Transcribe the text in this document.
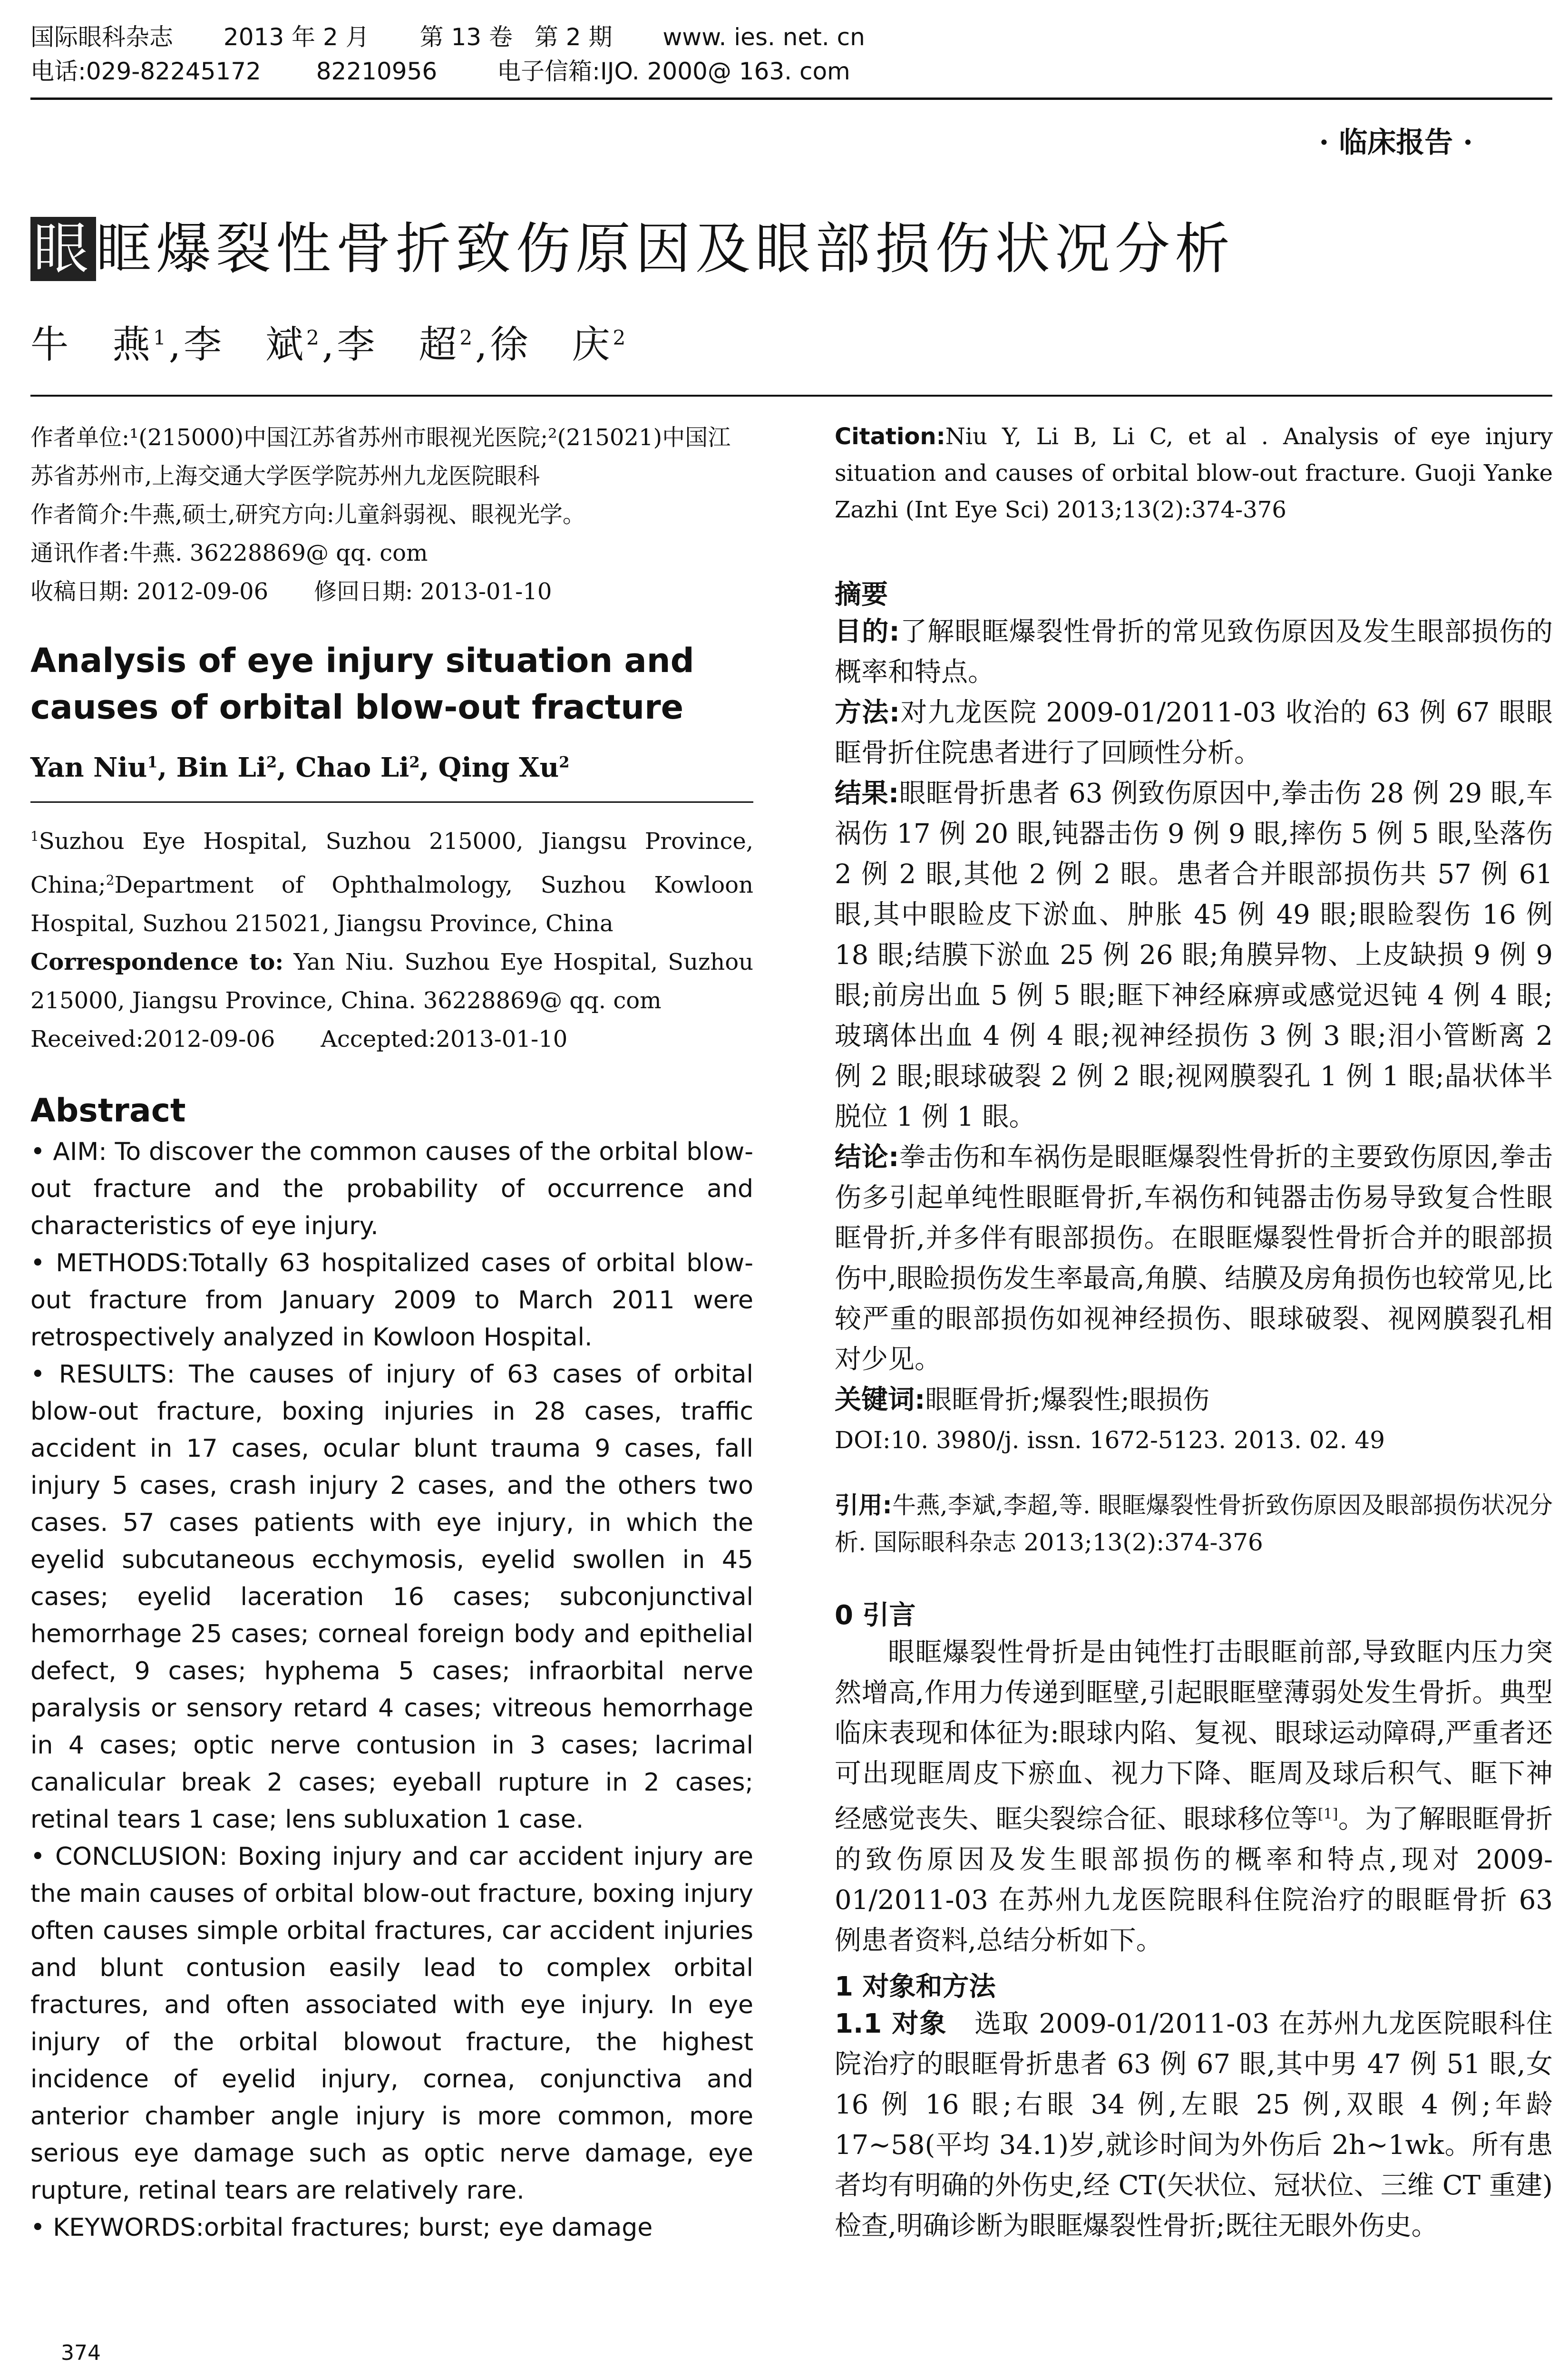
国际眼科杂志 2013 年 2 月 第 13 卷 第 2 期 www. ies. net. cn
电话:029-82245172 82210956	电子信箱:IJO. 2000@ 163. com
· 临床报告 ·
眼眶爆裂性骨折致伤原因及眼部损伤状况分析
牛　燕$^1$,李　斌$^2$,李　超$^2$,徐　庆$^2$

作者单位:¹(215000)中国江苏省苏州市眼视光医院;²(215021)中国江苏省苏州市,上海交通大学医学院苏州九龙医院眼科

作者简介:牛燕,硕士,研究方向:儿童斜弱视、眼视光学。

通讯作者:牛燕. 36228869@ qq. com

收稿日期: 2012-09-06　　修回日期: 2013-01-10

Analysis of eye injury situation and causes of orbital blow-out fracture
Yan Niu$^1$, Bin Li$^2$, Chao Li$^2$, Qing Xu$^2$
$^1$Suzhou Eye Hospital, Suzhou 215000, Jiangsu Province, China;$^2$Department of Ophthalmology, Suzhou Kowloon Hospital, Suzhou 215021, Jiangsu Province, China
Correspondence to: Yan Niu. Suzhou Eye Hospital, Suzhou 215000, Jiangsu Province, China. 36228869@ qq. com
Received:2012-09-06　　Accepted:2013-01-10
Abstract

• AIM: To discover the common causes of the orbital blow-out fracture and the probability of occurrence and characteristics of eye injury.

• METHODS:Totally 63 hospitalized cases of orbital blow-out fracture from January 2009 to March 2011 were retrospectively analyzed in Kowloon Hospital.

• RESULTS: The causes of injury of 63 cases of orbital blow-out fracture, boxing injuries in 28 cases, traffic accident in 17 cases, ocular blunt trauma 9 cases, fall injury 5 cases, crash injury 2 cases, and the others two cases. 57 cases patients with eye injury, in which the eyelid subcutaneous ecchymosis, eyelid swollen in 45 cases; eyelid laceration 16 cases; subconjunctival hemorrhage 25 cases; corneal foreign body and epithelial defect, 9 cases; hyphema 5 cases; infraorbital nerve paralysis or sensory retard 4 cases; vitreous hemorrhage in 4 cases; optic nerve contusion in 3 cases; lacrimal canalicular break 2 cases; eyeball rupture in 2 cases; retinal tears 1 case; lens subluxation 1 case.

• CONCLUSION: Boxing injury and car accident injury are the main causes of orbital blow-out fracture, boxing injury often causes simple orbital fractures, car accident injuries and blunt contusion easily lead to complex orbital fractures, and often associated with eye injury. In eye injury of the orbital blowout fracture, the highest incidence of eyelid injury, cornea, conjunctiva and anterior chamber angle injury is more common, more serious eye damage such as optic nerve damage, eye rupture, retinal tears are relatively rare.

• KEYWORDS:orbital fractures; burst; eye damage

Citation:Niu Y, Li B, Li C, et al . Analysis of eye injury situation and causes of orbital blow-out fracture. Guoji Yanke Zazhi (Int Eye Sci) 2013;13(2):374-376
摘要

目的:了解眼眶爆裂性骨折的常见致伤原因及发生眼部损伤的概率和特点。

方法:对九龙医院 2009-01/2011-03 收治的 63 例 67 眼眼眶骨折住院患者进行了回顾性分析。

结果:眼眶骨折患者 63 例致伤原因中,拳击伤 28 例 29 眼,车祸伤 17 例 20 眼,钝器击伤 9 例 9 眼,摔伤 5 例 5 眼,坠落伤 2 例 2 眼,其他 2 例 2 眼。患者合并眼部损伤共 57 例 61 眼,其中眼睑皮下淤血、肿胀 45 例 49 眼;眼睑裂伤 16 例 18 眼;结膜下淤血 25 例 26 眼;角膜异物、上皮缺损 9 例 9 眼;前房出血 5 例 5 眼;眶下神经麻痹或感觉迟钝 4 例 4 眼;玻璃体出血 4 例 4 眼;视神经损伤 3 例 3 眼;泪小管断离 2 例 2 眼;眼球破裂 2 例 2 眼;视网膜裂孔 1 例 1 眼;晶状体半脱位 1 例 1 眼。

结论:拳击伤和车祸伤是眼眶爆裂性骨折的主要致伤原因,拳击伤多引起单纯性眼眶骨折,车祸伤和钝器击伤易导致复合性眼眶骨折,并多伴有眼部损伤。在眼眶爆裂性骨折合并的眼部损伤中,眼睑损伤发生率最高,角膜、结膜及房角损伤也较常见,比较严重的眼部损伤如视神经损伤、眼球破裂、视网膜裂孔相对少见。

关键词:眼眶骨折;爆裂性;眼损伤

DOI:10. 3980/j. issn. 1672-5123. 2013. 02. 49

引用:牛燕,李斌,李超,等. 眼眶爆裂性骨折致伤原因及眼部损伤状况分析. 国际眼科杂志 2013;13(2):374-376

0 引言

眼眶爆裂性骨折是由钝性打击眼眶前部,导致眶内压力突然增高,作用力传递到眶壁,引起眼眶壁薄弱处发生骨折。典型临床表现和体征为:眼球内陷、复视、眼球运动障碍,严重者还可出现眶周皮下瘀血、视力下降、眶周及球后积气、眶下神经感觉丧失、眶尖裂综合征、眼球移位等[1]。为了解眼眶骨折的致伤原因及发生眼部损伤的概率和特点,现对 2009-01/2011-03 在苏州九龙医院眼科住院治疗的眼眶骨折 63 例患者资料,总结分析如下。

1 对象和方法

1.1 对象　 选取 2009-01/2011-03 在苏州九龙医院眼科住院治疗的眼眶骨折患者 63 例 67 眼,其中男 47 例 51 眼,女 16 例 16 眼;右眼 34 例,左眼 25 例,双眼 4 例;年龄 17~58(平均 34.1)岁,就诊时间为外伤后 2h~1wk。所有患者均有明确的外伤史,经 CT(矢状位、冠状位、三维 CT 重建)检查,明确诊断为眼眶爆裂性骨折;既往无眼外伤史。

374
